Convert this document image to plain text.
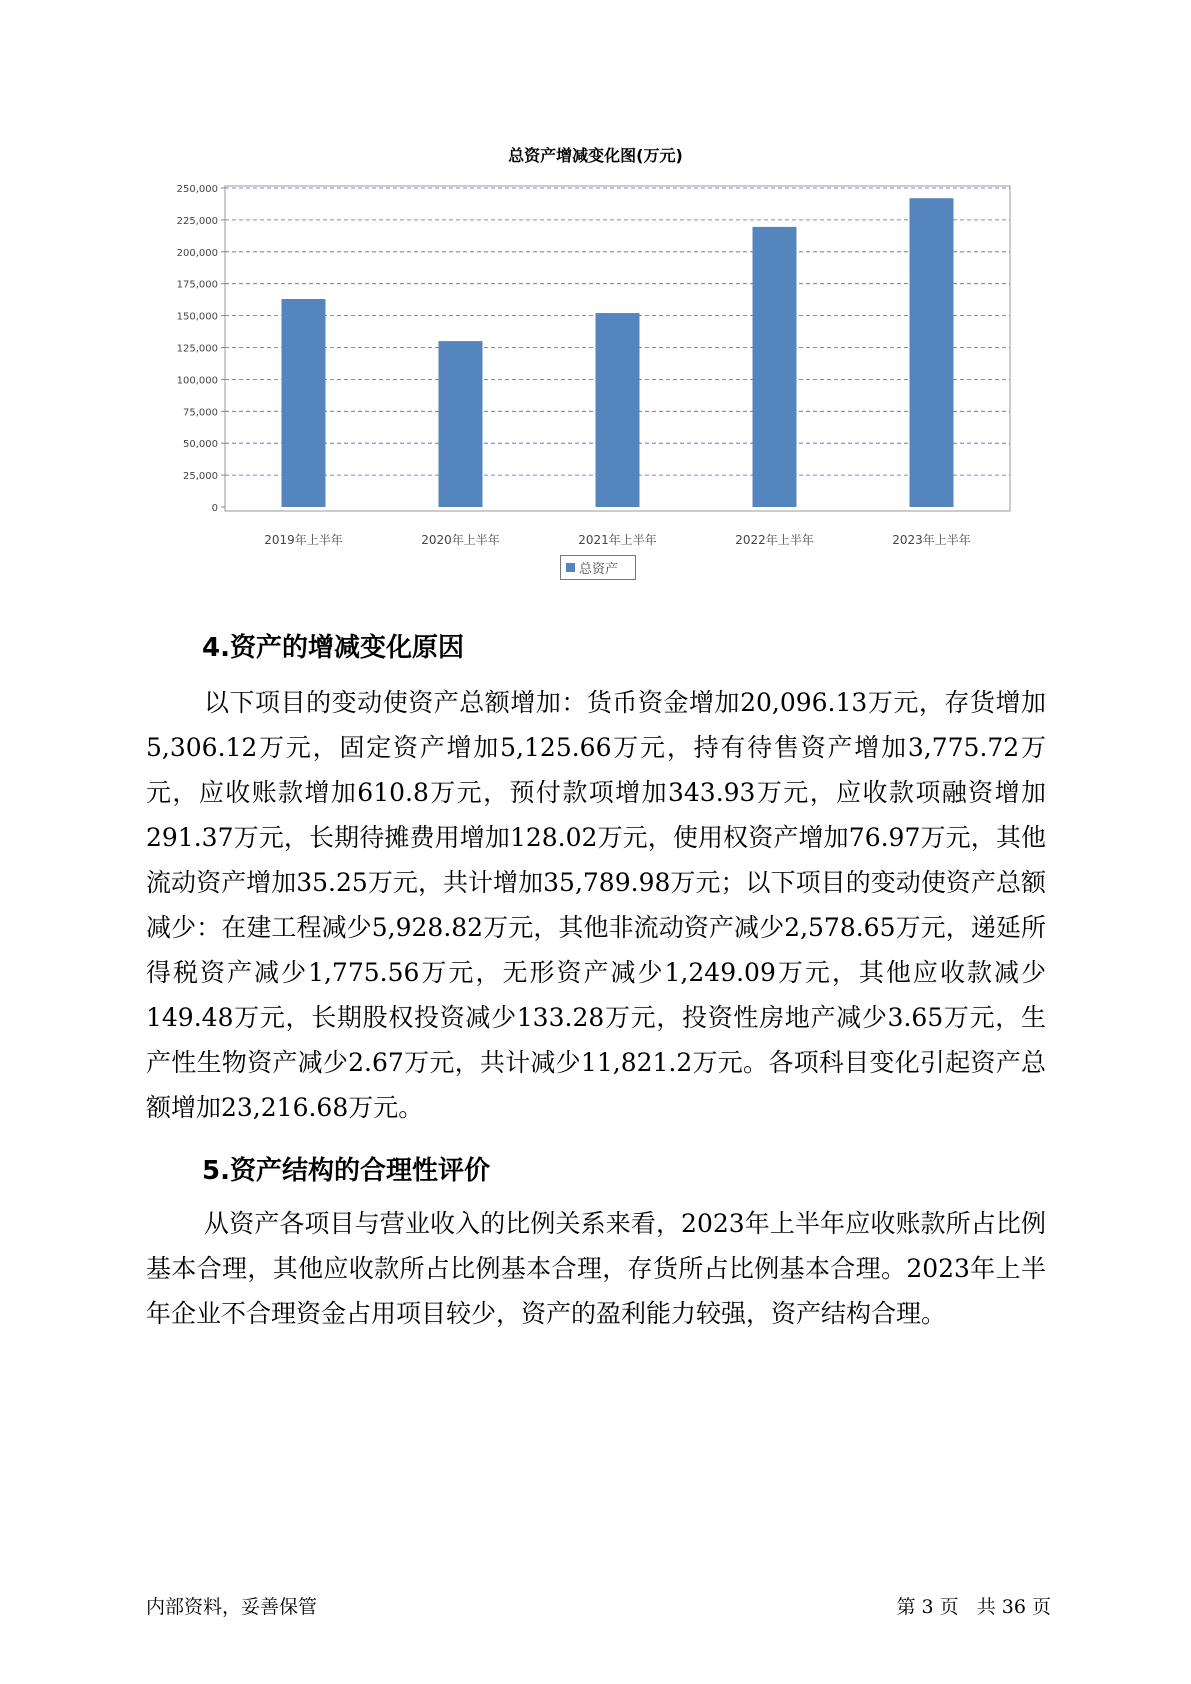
总资产增减变化图(万元)
0
25,000
50,000
75,000
100,000
125,000
150,000
175,000
200,000
225,000
250,000
2019年上半年	2020年上半年	2021年上半年	2022年上半年	2023年上半年
总资产
4.资产的增减变化原因

以下项目的变动使资产总额增加：货币资金增加20,096.13万元，存货增加5,306.12万元，固定资产增加5,125.66万元，持有待售资产增加3,775.72万元，应收账款增加610.8万元，预付款项增加343.93万元，应收款项融资增加291.37万元，长期待摊费用增加128.02万元，使用权资产增加76.97万元，其他流动资产增加35.25万元，共计增加35,789.98万元；以下项目的变动使资产总额减少：在建工程减少5,928.82万元，其他非流动资产减少2,578.65万元，递延所得税资产减少1,775.56万元，无形资产减少1,249.09万元，其他应收款减少149.48万元，长期股权投资减少133.28万元，投资性房地产减少3.65万元，生产性生物资产减少2.67万元，共计减少11,821.2万元。各项科目变化引起资产总额增加23,216.68万元。

5.资产结构的合理性评价

从资产各项目与营业收入的比例关系来看，2023年上半年应收账款所占比例基本合理，其他应收款所占比例基本合理，存货所占比例基本合理。2023年上半年企业不合理资金占用项目较少，资产的盈利能力较强，资产结构合理。

内部资料，妥善保管	第 3 页   共 36 页
